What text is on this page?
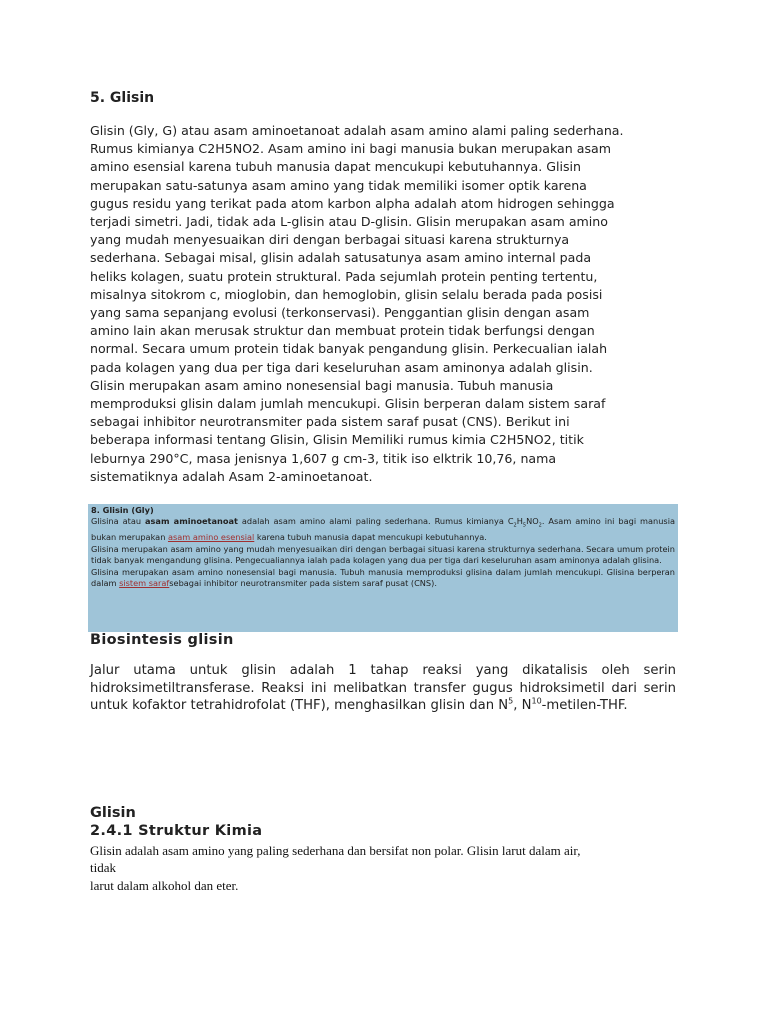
5. Glisin

Glisin (Gly, G) atau asam aminoetanoat adalah asam amino alami paling sederhana.
Rumus kimianya C2H5NO2. Asam amino ini bagi manusia bukan merupakan asam
amino esensial karena tubuh manusia dapat mencukupi kebutuhannya. Glisin
merupakan satu-satunya asam amino yang tidak memiliki isomer optik karena
gugus residu yang terikat pada atom karbon alpha adalah atom hidrogen sehingga
terjadi simetri. Jadi, tidak ada L-glisin atau D-glisin. Glisin merupakan asam amino
yang mudah menyesuaikan diri dengan berbagai situasi karena strukturnya
sederhana. Sebagai misal, glisin adalah satusatunya asam amino internal pada
heliks kolagen, suatu protein struktural. Pada sejumlah protein penting tertentu,
misalnya sitokrom c, mioglobin, dan hemoglobin, glisin selalu berada pada posisi
yang sama sepanjang evolusi (terkonservasi). Penggantian glisin dengan asam
amino lain akan merusak struktur dan membuat protein tidak berfungsi dengan
normal. Secara umum protein tidak banyak pengandung glisin. Perkecualian ialah
pada kolagen yang dua per tiga dari keseluruhan asam aminonya adalah glisin.
Glisin merupakan asam amino nonesensial bagi manusia. Tubuh manusia
memproduksi glisin dalam jumlah mencukupi. Glisin berperan dalam sistem saraf
sebagai inhibitor neurotransmiter pada sistem saraf pusat (CNS). Berikut ini
beberapa informasi tentang Glisin, Glisin Memiliki rumus kimia C2H5NO2, titik
leburnya 290°C, masa jenisnya 1,607 g cm-3, titik iso elktrik 10,76, nama
sistematiknya adalah Asam 2-aminoetanoat.

8. Glisin (Gly)

Glisina atau asam aminoetanoat adalah asam amino alami paling sederhana. Rumus kimianya $C_2H_5NO_2$. Asam amino ini bagi manusia bukan merupakan asam amino esensial karena tubuh manusia dapat mencukupi kebutuhannya.

Glisina merupakan asam amino yang mudah menyesuaikan diri dengan berbagai situasi karena strukturnya sederhana. Secara umum protein tidak banyak mengandung glisina. Pengecualiannya ialah pada kolagen yang dua per tiga dari keseluruhan asam aminonya adalah glisina.

Glisina merupakan asam amino nonesensial bagi manusia. Tubuh manusia memproduksi glisina dalam jumlah mencukupi. Glisina berperan dalam sistem sarafsebagai inhibitor neurotransmiter pada sistem saraf pusat (CNS).

Biosintesis glisin

Jalur utama untuk glisin adalah 1 tahap reaksi yang dikatalisis oleh serin hidroksimetiltransferase. Reaksi ini melibatkan transfer gugus hidroksimetil dari serin untuk kofaktor tetrahidrofolat (THF), menghasilkan glisin dan $N^5$, $N^{10}-metilen$-THF.

Glisin
2.4.1 Struktur Kimia

Glisin adalah asam amino yang paling sederhana dan bersifat non polar. Glisin larut dalam air,

tidak

larut dalam alkohol dan eter.
